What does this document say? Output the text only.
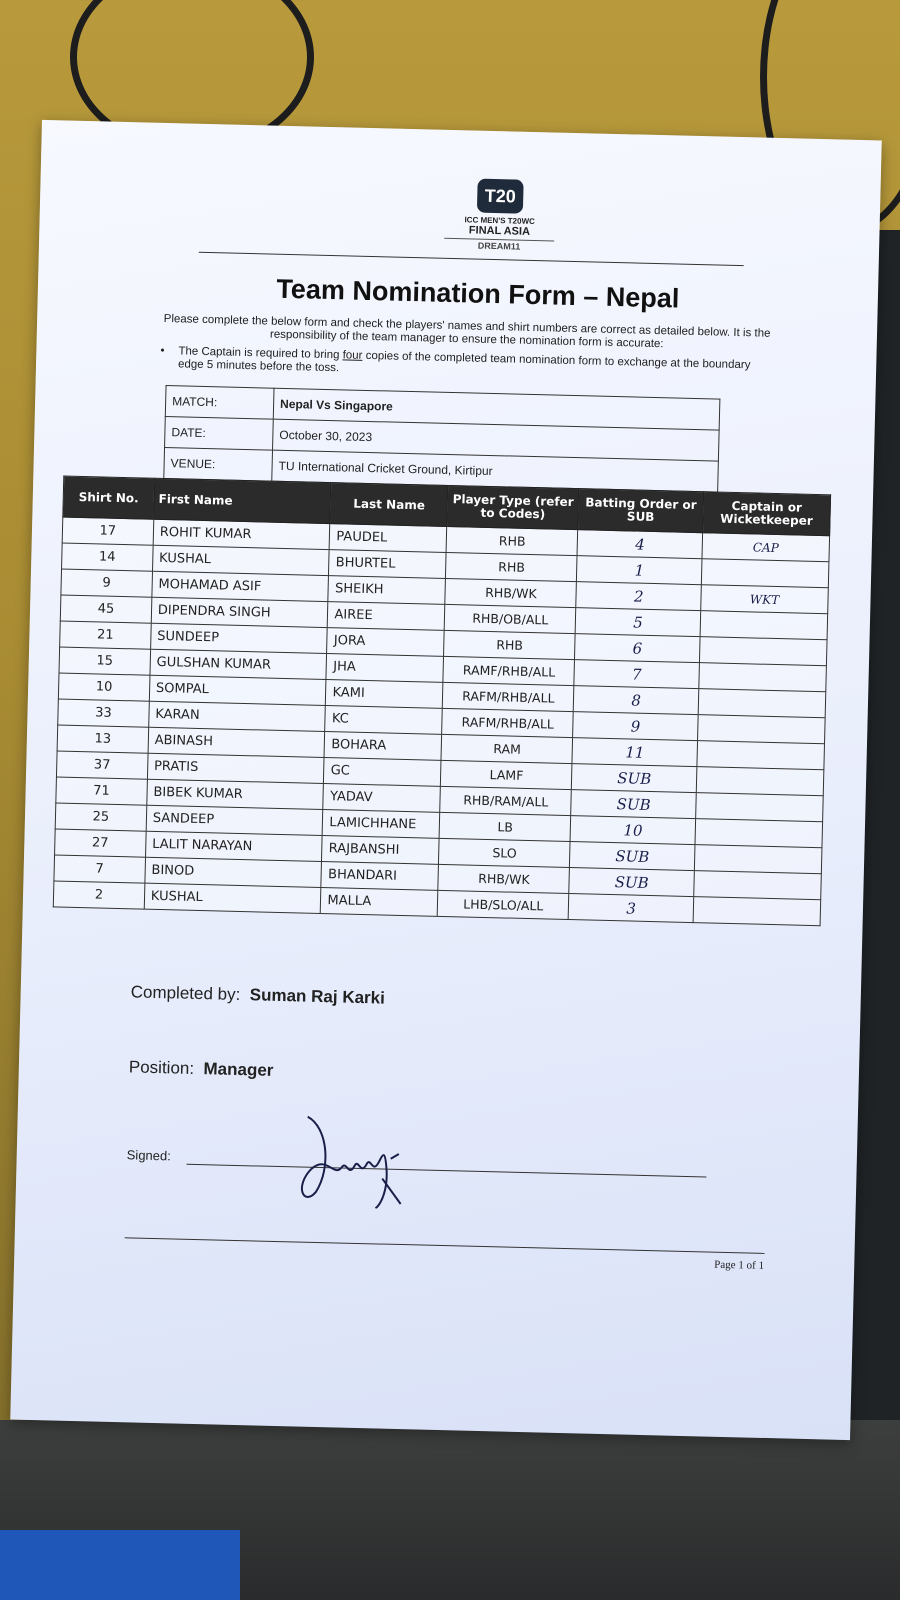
T20
ICC MEN'S T20WC
FINAL ASIA
DREAM11
Team Nomination Form – Nepal
Please complete the below form and check the players' names and shirt numbers are correct as detailed below. It is the responsibility of the team manager to ensure the nomination form is accurate:
• The Captain is required to bring four copies of the completed team nomination form to exchange at the boundary edge 5 minutes before the toss.
MATCH:	Nepal Vs Singapore
DATE:	October 30, 2023
VENUE:	TU International Cricket Ground, Kirtipur
Shirt No.	First Name	Last Name	Player Type (refer to Codes)	Batting Order or SUB	Captain or Wicketkeeper
17	ROHIT KUMAR	PAUDEL	RHB	4	CAP
14	KUSHAL	BHURTEL	RHB	1	
9	MOHAMAD ASIF	SHEIKH	RHB/WK	2	WKT
45	DIPENDRA SINGH	AIREE	RHB/OB/ALL	5	
21	SUNDEEP	JORA	RHB	6	
15	GULSHAN KUMAR	JHA	RAMF/RHB/ALL	7	
10	SOMPAL	KAMI	RAFM/RHB/ALL	8	
33	KARAN	KC	RAFM/RHB/ALL	9	
13	ABINASH	BOHARA	RAM	11	
37	PRATIS	GC	LAMF	SUB	
71	BIBEK KUMAR	YADAV	RHB/RAM/ALL	SUB	
25	SANDEEP	LAMICHHANE	LB	10	
27	LALIT NARAYAN	RAJBANSHI	SLO	SUB	
7	BINOD	BHANDARI	RHB/WK	SUB	
2	KUSHAL	MALLA	LHB/SLO/ALL	3	
Completed by: Suman Raj Karki
Position: Manager
Signed:
Page 1 of 1
